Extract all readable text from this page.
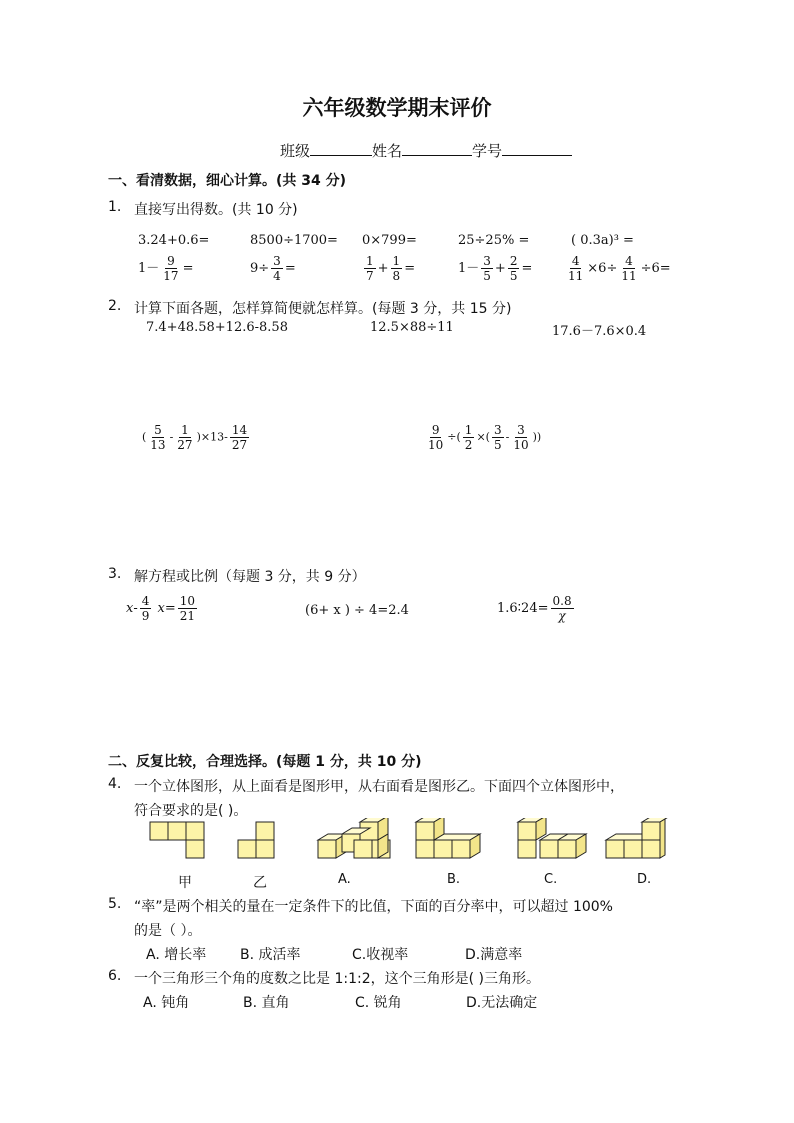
六年级数学期末评价
班级	姓名	学号
一、看清数据，细心计算。(共 34 分)
1. 直接写出得数。(共 10 分)
3.24+0.6=	8500÷1700= 0×799=	25÷25% =	( 0.3a)³ =
$1- \frac{9}{17}$ =	$9\div \frac{3}{4}$ =	$\frac{1}{7} + \frac{1}{8}$ =	$1- \frac{3}{5} + \frac{2}{5}$ =	$\frac{4}{11} \times 6\div \frac{4}{11} \div 6=$
2. 计算下面各题，怎样算简便就怎样算。(每题 3 分，共 15 分)
7.4+48.58+12.6-8.58	12.5×88÷11	17.6－7.6×0.4
( $\frac{5}{13} - \frac{1}{27} )\times 13- \frac{14}{27}$	$\frac{9}{10}$ ÷( $\frac{1}{2}$ ×( $\frac{3}{5} - \frac{3}{10}$ ))
3. 解方程或比例（每题 3 分，共 9 分）
$x- \frac{4}{9} x= \frac{10}{21}$	(6+ x ) ÷ 4=2.4	1.6∶24= $\frac{0.8}{\chi}$
二、反复比较，合理选择。(每题 1 分，共 10 分)
4. 一个立体图形，从上面看是图形甲，从右面看是图形乙。下面四个立体图形中，
符合要求的是( )。
甲	乙	A.	B.	C.	D.
5. “率”是两个相关的量在一定条件下的比值，下面的百分率中，可以超过 100%
的是（ ）。
A. 增长率 B. 成活率	C.收视率	D.满意率
6. 一个三角形三个角的度数之比是 1:1:2，这个三角形是( )三角形。
A. 钝角	B. 直角	C. 锐角	D.无法确定
